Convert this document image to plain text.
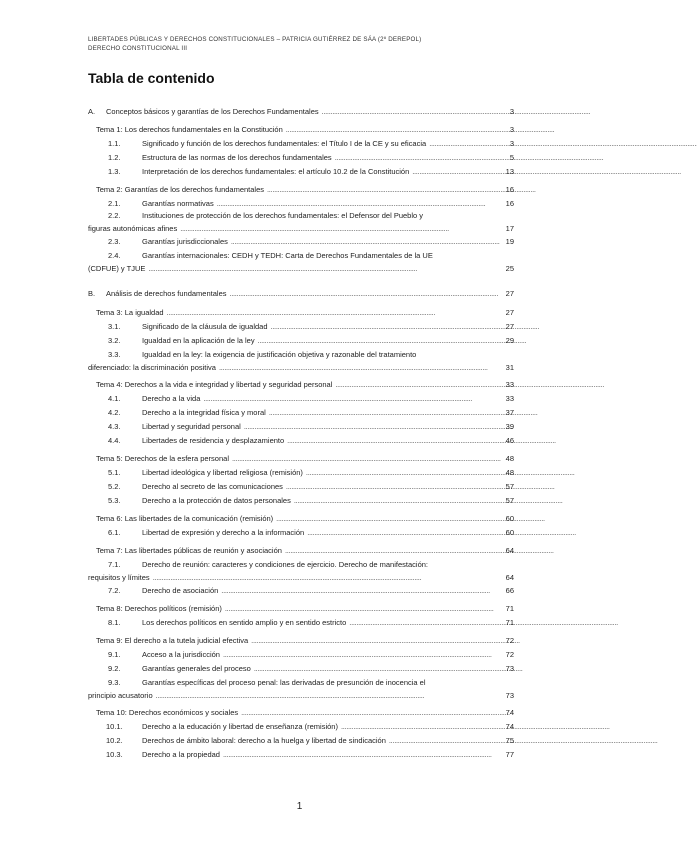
LIBERTADES PÚBLICAS Y DERECHOS CONSTITUCIONALES – PATRICIA GUTIÉRREZ DE SÁA (2º DEREPOL)
DERECHO CONSTITUCIONAL III
Tabla de contenido
A.	Conceptos básicos y garantías de los Derechos Fundamentales . . .	3
Tema 1: Los derechos fundamentales en la Constitución . . .	3
1.1.	Significado y función de los derechos fundamentales: el Título I de la CE y su eficacia . . .	3
1.2.	Estructura de las normas de los derechos fundamentales . . .	5
1.3.	Interpretación de los derechos fundamentales: el artículo 10.2 de la Constitución . . .	13
Tema 2: Garantías de los derechos fundamentales . . .	16
2.1.	Garantías normativas . . .	16
2.2.	Instituciones de protección de los derechos fundamentales: el Defensor del Pueblo y
figuras autonómicas afines . . .	17
2.3.	Garantías jurisdiccionales . . .	19
2.4.	Garantías internacionales: CEDH y TEDH: Carta de Derechos Fundamentales de la UE
(CDFUE) y TJUE . . .	25
B.	Análisis de derechos fundamentales . . .	27
Tema 3: La igualdad . . .	27
3.1.	Significado de la cláusula de igualdad . . .	27
3.2.	Igualdad en la aplicación de la ley . . .	29
3.3.	Igualdad en la ley: la exigencia de justificación objetiva y razonable del tratamiento
diferenciado: la discriminación positiva . . .	31
Tema 4: Derechos a la vida e integridad y libertad y seguridad personal . . .	33
4.1.	Derecho a la vida . . .	33
4.2.	Derecho a la integridad física y moral . . .	37
4.3.	Libertad y seguridad personal . . .	39
4.4.	Libertades de residencia y desplazamiento . . .	46
Tema 5: Derechos de la esfera personal . . .	48
5.1.	Libertad ideológica y libertad religiosa (remisión) . . .	48
5.2.	Derecho al secreto de las comunicaciones . . .	57
5.3.	Derecho a la protección de datos personales . . .	57
Tema 6: Las libertades de la comunicación (remisión) . . .	60
6.1.	Libertad de expresión y derecho a la información . . .	60
Tema 7: Las libertades públicas de reunión y asociación . . .	64
7.1.	Derecho de reunión: caracteres y condiciones de ejercicio. Derecho de manifestación:
requisitos y límites . . .	64
7.2.	Derecho de asociación . . .	66
Tema 8: Derechos políticos (remisión) . . .	71
8.1.	Los derechos políticos en sentido amplio y en sentido estricto . . .	71
Tema 9: El derecho a la tutela judicial efectiva . . .	72
9.1.	Acceso a la jurisdicción . . .	72
9.2.	Garantías generales del proceso . . .	73
9.3.	Garantías específicas del proceso penal: las derivadas de presunción de inocencia el
principio acusatorio . . .	73
Tema 10: Derechos económicos y sociales . . .	74
10.1.	Derecho a la educación y libertad de enseñanza (remisión) . . .	74
10.2.	Derechos de ámbito laboral: derecho a la huelga y libertad de sindicación . . .	75
10.3.	Derecho a la propiedad . . .	77
1
